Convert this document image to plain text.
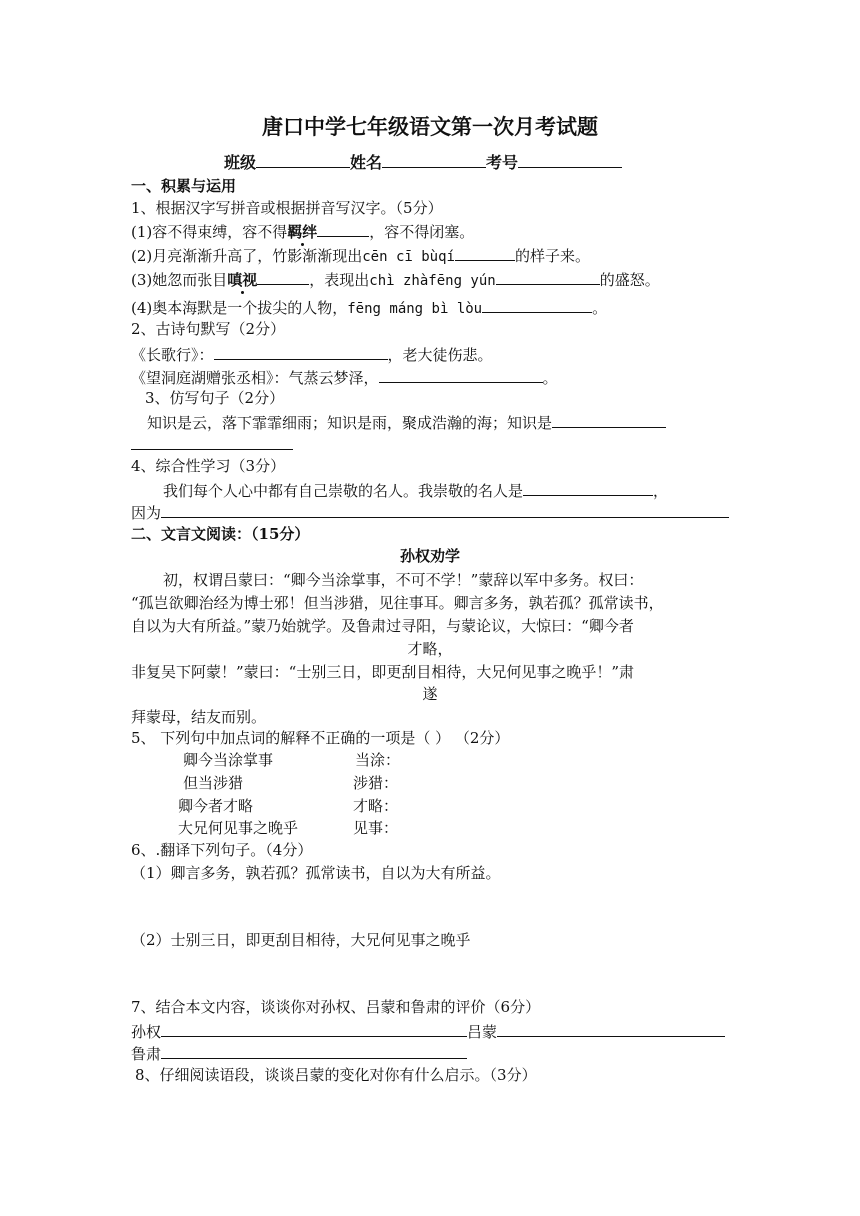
唐口中学七年级语文第一次月考试题
班级	姓名	考号
一、积累与运用
1、根据汉字写拼音或根据拼音写汉字。（5分）
(1)容不得束缚，容不得羁绊	，容不得闭塞。
(2)月亮渐渐升高了，竹影渐渐现出cēn cī bùqí	的样子来。
(3)她忽而张目嗔视	，表现出chì zhàfēng yún	的盛怒。
(4)奥本海默是一个拔尖的人物，fēng máng bì lòu	。
2、古诗句默写（2分）
《长歌行》：	，老大徒伤悲。
《望洞庭湖赠张丞相》：气蒸云梦泽，	。
3、仿写句子（2分）
知识是云，落下霏霏细雨；知识是雨，聚成浩瀚的海；知识是
4、综合性学习（3分）
我们每个人心中都有自己崇敬的名人。我崇敬的名人是	，
因为
二、文言文阅读：（15分）
孙权劝学
初，权谓吕蒙曰：“卿今当涂掌事，不可不学！”蒙辞以军中多务。权曰：
“孤岂欲卿治经为博士邪！但当涉猎，见往事耳。卿言多务，孰若孤？孤常读书，
自以为大有所益。”蒙乃始就学。及鲁肃过寻阳，与蒙论议，大惊曰：“卿今者
才略，
非复吴下阿蒙！”蒙曰：“士别三日，即更刮目相待，大兄何见事之晚乎！”肃
遂
拜蒙母，结友而别。
5、 下列句中加点词的解释不正确的一项是（ ） （2分）
卿今当涂掌事	当涂：
但当涉猎	涉猎：
卿今者才略	才略：
大兄何见事之晚乎	见事：
6、.翻译下列句子。（4分）
（1）卿言多务，孰若孤？孤常读书，自以为大有所益。
（2）士别三日，即更刮目相待，大兄何见事之晚乎
7、结合本文内容，谈谈你对孙权、吕蒙和鲁肃的评价（6分）
孙权	吕蒙
鲁肃
8、仔细阅读语段，谈谈吕蒙的变化对你有什么启示。（3分）
